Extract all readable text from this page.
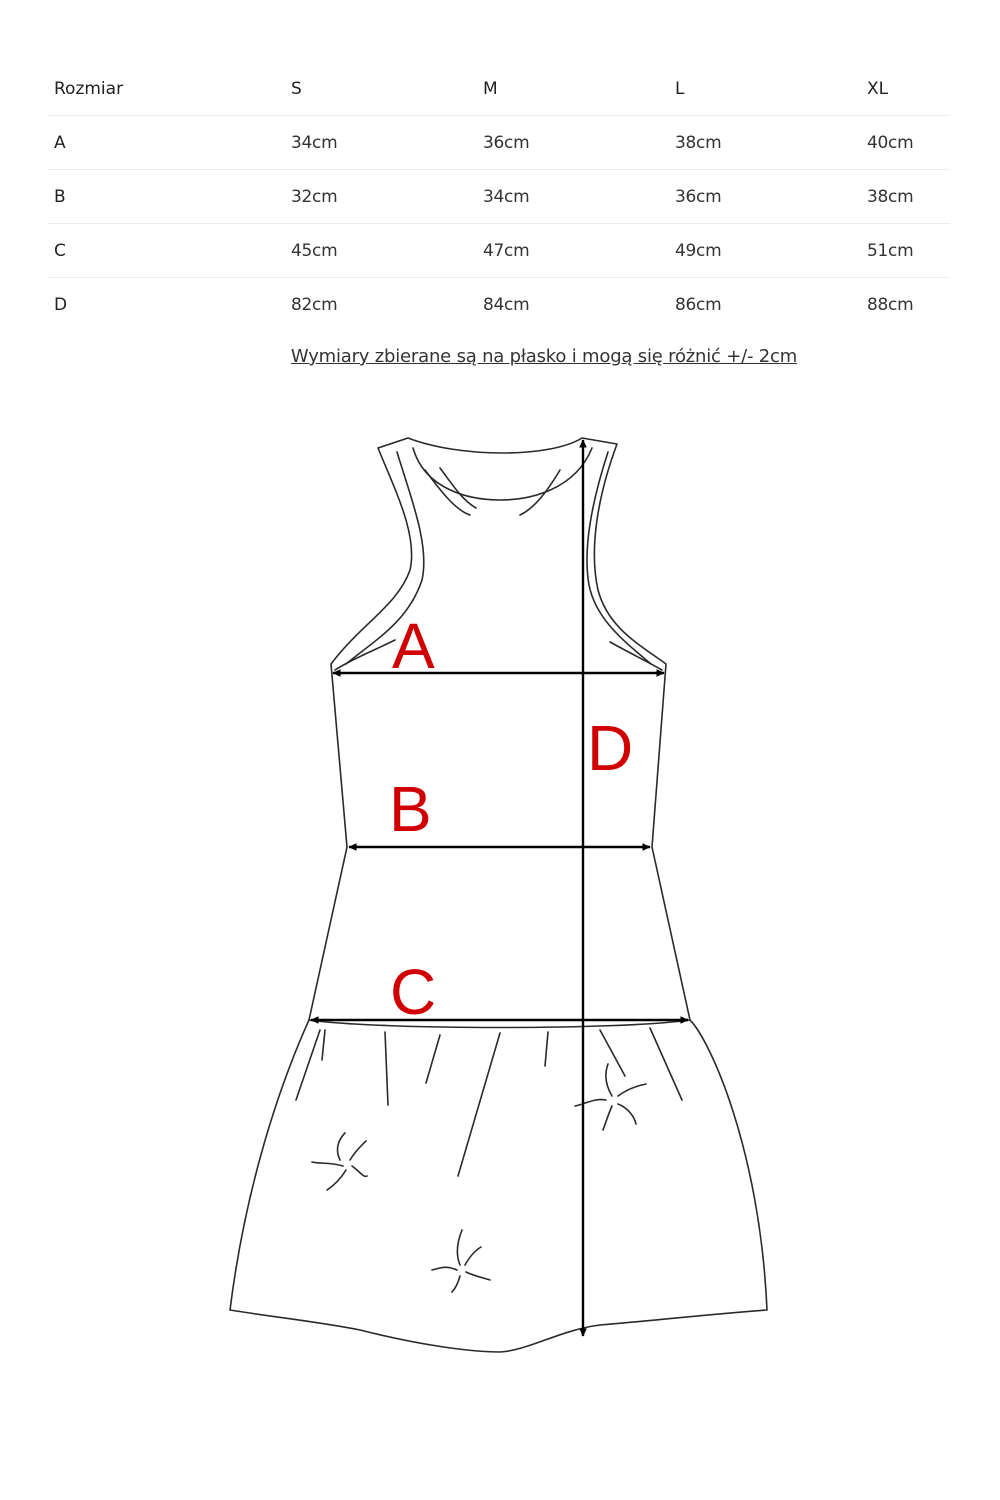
Rozmiar	S	M	L	XL
A	34cm	36cm	38cm	40cm
B	32cm	34cm	36cm	38cm
C	45cm	47cm	49cm	51cm
D	82cm	84cm	86cm	88cm
Wymiary zbierane są na płasko i mogą się różnić +/- 2cm
A
B
C
D
